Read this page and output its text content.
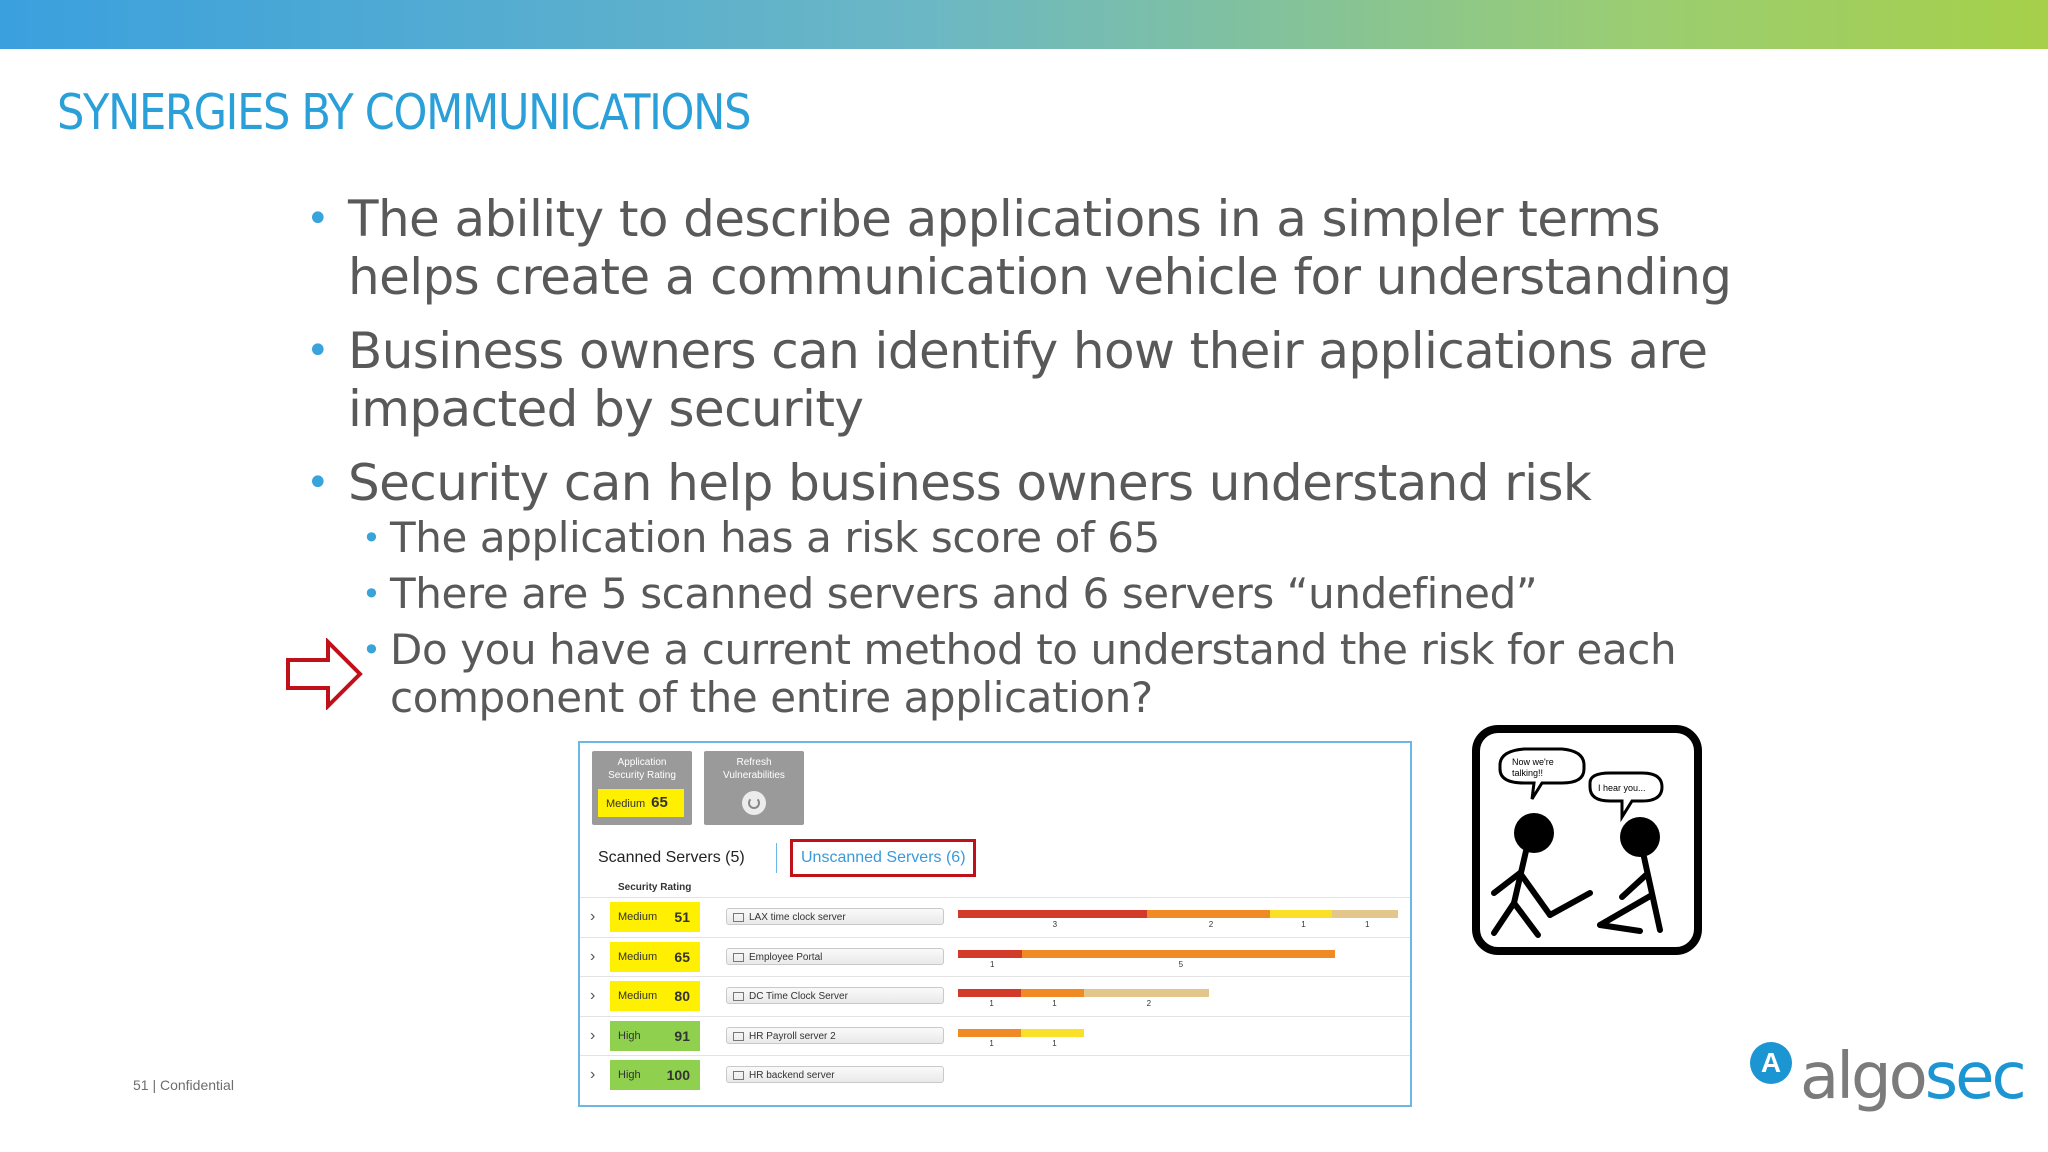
SYNERGIES BY COMMUNICATIONS
• The ability to describe applications in a simpler terms helps create a communication vehicle for understanding
• Business owners can identify how their applications are impacted by security
• Security can help business owners understand risk
• The application has a risk score of 65
• There are 5 scanned servers and 6 servers “undefined”
• Do you have a current method to understand the risk for each component of the entire application?
Application
Security Rating
Medium 65
Refresh
Vulnerabilities
Scanned Servers (5)	Unscanned Servers (6)
Security Rating
›	Medium 51	LAX time clock server
3	2	1	1
›	Medium 65	Employee Portal
1	5
›	Medium 80	DC Time Clock Server
1	1	2
›	High 91	HR Payroll server 2
1	1
›	High 100	HR backend server
Now we're
talking!!
I hear you...
51 | Confidential
A algosec
